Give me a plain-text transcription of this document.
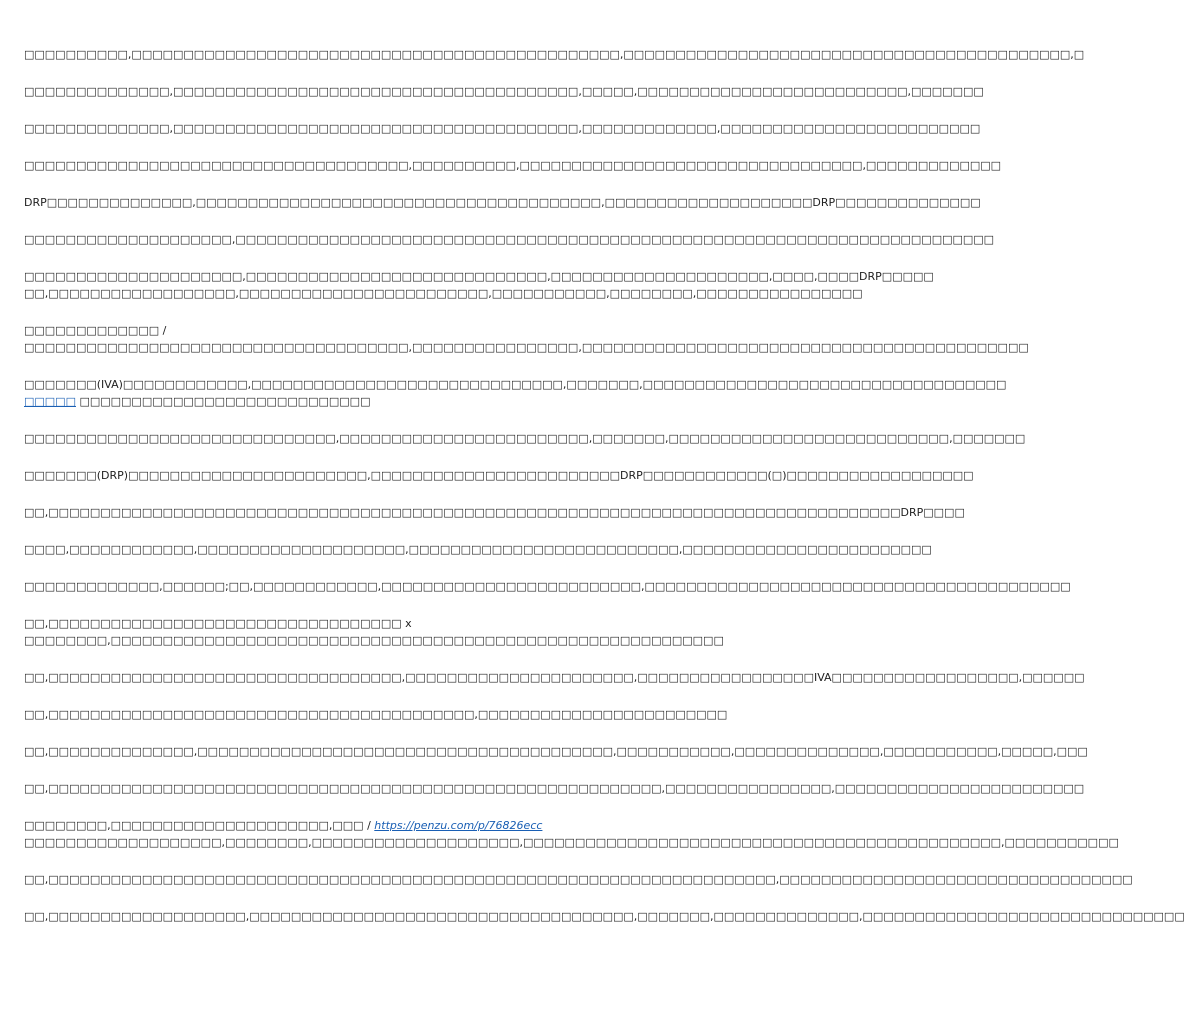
□□□□□□□□□□,□□□□□□□□□□□□□□□□□□□□□□□□□□□□□□□□□□□□□□□□□□□□□□□,□□□□□□□□□□□□□□□□□□□□□□□□□□□□□□□□□□□□□□□□□□□,□

□□□□□□□□□□□□□□,□□□□□□□□□□□□□□□□□□□□□□□□□□□□□□□□□□□□□□□,□□□□□,□□□□□□□□□□□□□□□□□□□□□□□□□□,□□□□□□□

□□□□□□□□□□□□□□,□□□□□□□□□□□□□□□□□□□□□□□□□□□□□□□□□□□□□□□,□□□□□□□□□□□□□,□□□□□□□□□□□□□□□□□□□□□□□□□

□□□□□□□□□□□□□□□□□□□□□□□□□□□□□□□□□□□□□,□□□□□□□□□□,□□□□□□□□□□□□□□□□□□□□□□□□□□□□□□□□□,□□□□□□□□□□□□□

DRP□□□□□□□□□□□□□□,□□□□□□□□□□□□□□□□□□□□□□□□□□□□□□□□□□□□□□□,□□□□□□□□□□□□□□□□□□□□DRP□□□□□□□□□□□□□□

□□□□□□□□□□□□□□□□□□□□,□□□□□□□□□□□□□□□□□□□□□□□□□□□□□□□□□□□□□□□□□□□□□□□□□□□□□□□□□□□□□□□□□□□□□□□□□

□□□□□□□□□□□□□□□□□□□□□,□□□□□□□□□□□□□□□□□□□□□□□□□□□□□,□□□□□□□□□□□□□□□□□□□□□,□□□□,□□□□DRP□□□□□
□□,□□□□□□□□□□□□□□□□□□,□□□□□□□□□□□□□□□□□□□□□□□□,□□□□□□□□□□□,□□□□□□□□,□□□□□□□□□□□□□□□□

□□□□□□□□□□□□□ /
□□□□□□□□□□□□□□□□□□□□□□□□□□□□□□□□□□□□□,□□□□□□□□□□□□□□□□,□□□□□□□□□□□□□□□□□□□□□□□□□□□□□□□□□□□□□□□□□□□

□□□□□□□(IVA)□□□□□□□□□□□□,□□□□□□□□□□□□□□□□□□□□□□□□□□□□□□,□□□□□□□,□□□□□□□□□□□□□□□□□□□□□□□□□□□□□□□□□□□
□□□□□ □□□□□□□□□□□□□□□□□□□□□□□□□□□□

□□□□□□□□□□□□□□□□□□□□□□□□□□□□□□,□□□□□□□□□□□□□□□□□□□□□□□□,□□□□□□□,□□□□□□□□□□□□□□□□□□□□□□□□□□□,□□□□□□□

□□□□□□□(DRP)□□□□□□□□□□□□□□□□□□□□□□□,□□□□□□□□□□□□□□□□□□□□□□□□DRP□□□□□□□□□□□□(□)□□□□□□□□□□□□□□□□□□

□□,□□□□□□□□□□□□□□□□□□□□□□□□□□□□□□□□□□□□□□□□□□□□□□□□□□□□□□□□□□□□□□□□□□□□□□□□□□□□□□□□□□DRP□□□□

□□□□,□□□□□□□□□□□□,□□□□□□□□□□□□□□□□□□□□,□□□□□□□□□□□□□□□□□□□□□□□□□□,□□□□□□□□□□□□□□□□□□□□□□□□

□□□□□□□□□□□□□,□□□□□□;□□,□□□□□□□□□□□□,□□□□□□□□□□□□□□□□□□□□□□□□□,□□□□□□□□□□□□□□□□□□□□□□□□□□□□□□□□□□□□□□□□□

□□,□□□□□□□□□□□□□□□□□□□□□□□□□□□□□□□□□□ x
□□□□□□□□,□□□□□□□□□□□□□□□□□□□□□□□□□□□□□□□□□□□□□□□□□□□□□□□□□□□□□□□□□□□

□□,□□□□□□□□□□□□□□□□□□□□□□□□□□□□□□□□□□,□□□□□□□□□□□□□□□□□□□□□□,□□□□□□□□□□□□□□□□□IVA□□□□□□□□□□□□□□□□□□,□□□□□□

□□,□□□□□□□□□□□□□□□□□□□□□□□□□□□□□□□□□□□□□□□□□,□□□□□□□□□□□□□□□□□□□□□□□□

□□,□□□□□□□□□□□□□□,□□□□□□□□□□□□□□□□□□□□□□□□□□□□□□□□□□□□□□□□,□□□□□□□□□□□,□□□□□□□□□□□□□□,□□□□□□□□□□□,□□□□□,□□□

□□,□□□□□□□□□□□□□□□□□□□□□□□□□□□□□□□□□□□□□□□□□□□□□□□□□□□□□□□□□□□,□□□□□□□□□□□□□□□□,□□□□□□□□□□□□□□□□□□□□□□□□

□□□□□□□□,□□□□□□□□□□□□□□□□□□□□□,□□□ / https://penzu.com/p/76826ecc
□□□□□□□□□□□□□□□□□□□,□□□□□□□□,□□□□□□□□□□□□□□□□□□□□,□□□□□□□□□□□□□□□□□□□□□□□□□□□□□□□□□□□□□□□□□□□□□□,□□□□□□□□□□□

□□,□□□□□□□□□□□□□□□□□□□□□□□□□□□□□□□□□□□□□□□□□□□□□□□□□□□□□□□□□□□□□□□□□□□□□□,□□□□□□□□□□□□□□□□□□□□□□□□□□□□□□□□□□

□□,□□□□□□□□□□□□□□□□□□□,□□□□□□□□□□□□□□□□□□□□□□□□□□□□□□□□□□□□□,□□□□□□□,□□□□□□□□□□□□□□,□□□□□□□□□□□□□□□□□□□□□□□□□□□□□□□
